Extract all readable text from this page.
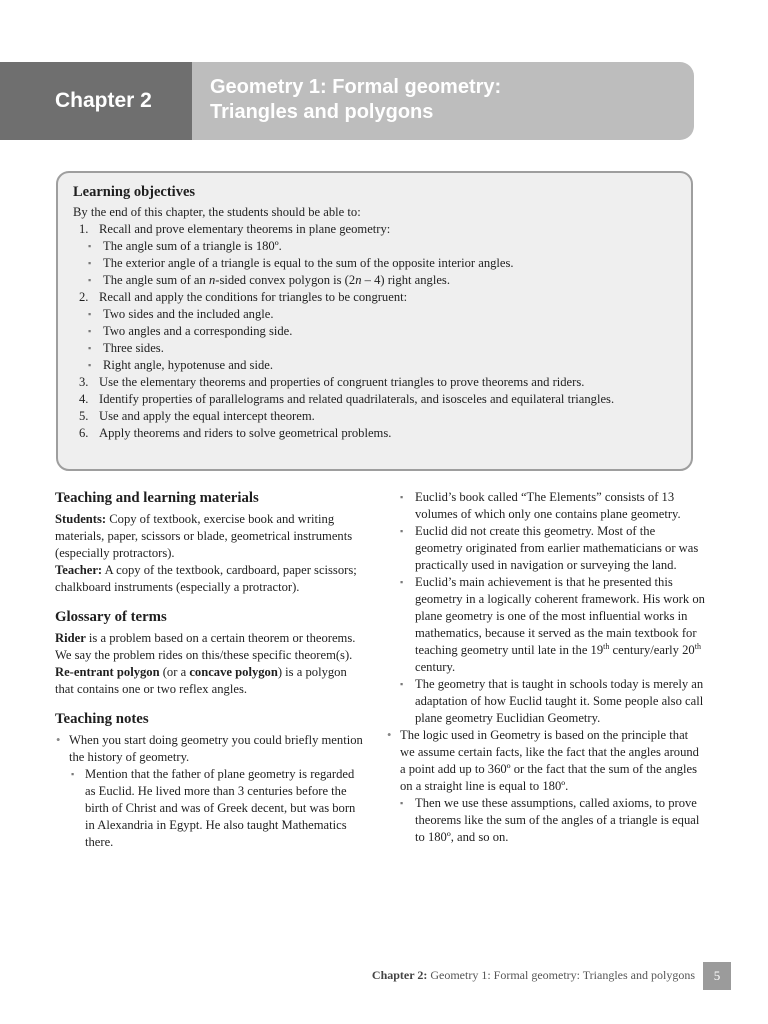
Chapter 2
Geometry 1: Formal geometry:
Triangles and polygons
Learning objectives

By the end of this chapter, the students should be able to:

1. Recall and prove elementary theorems in plane geometry:
▪ The angle sum of a triangle is 180º.
▪ The exterior angle of a triangle is equal to the sum of the opposite interior angles.
▪ The angle sum of an n-sided convex polygon is (2n – 4) right angles.
2. Recall and apply the conditions for triangles to be congruent:
▪ Two sides and the included angle.
▪ Two angles and a corresponding side.
▪ Three sides.
▪ Right angle, hypotenuse and side.
3. Use the elementary theorems and properties of congruent triangles to prove theorems and riders.
4. Identify properties of parallelograms and related quadrilaterals, and isosceles and equilateral triangles.
5. Use and apply the equal intercept theorem.
6. Apply theorems and riders to solve geometrical problems.
Teaching and learning materials

Students: Copy of textbook, exercise book and writing materials, paper, scissors or blade, geometrical instruments (especially protractors).

Teacher: A copy of the textbook, cardboard, paper scissors; chalkboard instruments (especially a protractor).

Glossary of terms

Rider is a problem based on a certain theorem or theorems. We say the problem rides on this/these specific theorem(s).

Re-entrant polygon (or a concave polygon) is a polygon that contains one or two reflex angles.

Teaching notes
• When you start doing geometry you could briefly mention the history of geometry.
▪ Mention that the father of plane geometry is regarded as Euclid. He lived more than 3 centuries before the birth of Christ and was of Greek decent, but was born in Alexandria in Egypt. He also taught Mathematics there.
▪ Euclid’s book called “The Elements” consists of 13 volumes of which only one contains plane geometry.
▪ Euclid did not create this geometry. Most of the geometry originated from earlier mathematicians or was practically used in navigation or surveying the land.
▪ Euclid’s main achievement is that he presented this geometry in a logically coherent framework. His work on plane geometry is one of the most influential works in mathematics, because it served as the main textbook for teaching geometry until late in the 19th century/early 20th century.
▪ The geometry that is taught in schools today is merely an adaptation of how Euclid taught it. Some people also call plane geometry Euclidian Geometry.
• The logic used in Geometry is based on the principle that we assume certain facts, like the fact that the angles around a point add up to 360º or the fact that the sum of the angles on a straight line is equal to 180º.
▪ Then we use these assumptions, called axioms, to prove theorems like the sum of the angles of a triangle is equal to 180º, and so on.
Chapter 2: Geometry 1: Formal geometry: Triangles and polygons	5
